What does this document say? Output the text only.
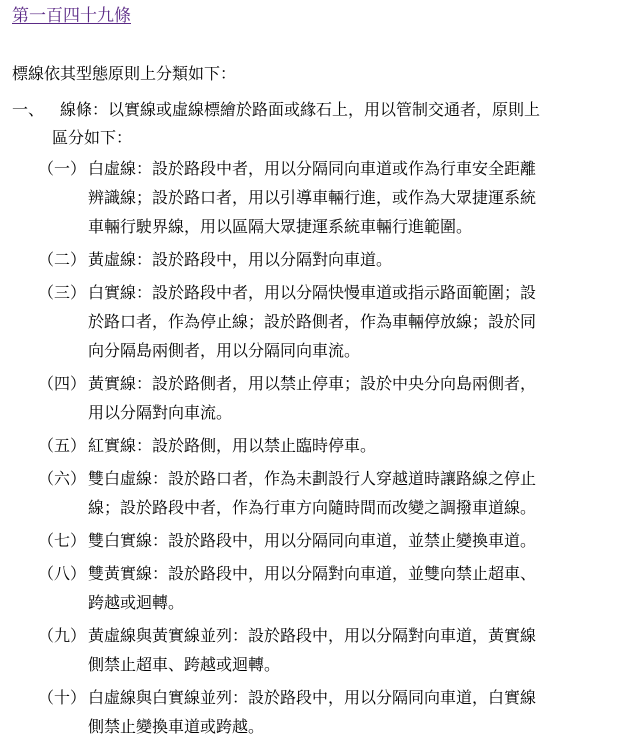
第一百四十九條
標線依其型態原則上分類如下：
一、 線條：以實線或虛線標繪於路面或緣石上，用以管制交通者，原則上
區分如下：
（一） 白虛線：設於路段中者，用以分隔同向車道或作為行車安全距離
辨識線；設於路口者，用以引導車輛行進，或作為大眾捷運系統
車輛行駛界線，用以區隔大眾捷運系統車輛行進範圍。
（二） 黃虛線：設於路段中，用以分隔對向車道。
（三） 白實線：設於路段中者，用以分隔快慢車道或指示路面範圍；設
於路口者，作為停止線；設於路側者，作為車輛停放線；設於同
向分隔島兩側者，用以分隔同向車流。
（四） 黃實線：設於路側者，用以禁止停車；設於中央分向島兩側者，
用以分隔對向車流。
（五） 紅實線：設於路側，用以禁止臨時停車。
（六） 雙白虛線：設於路口者，作為未劃設行人穿越道時讓路線之停止
線；設於路段中者，作為行車方向隨時間而改變之調撥車道線。
（七） 雙白實線：設於路段中，用以分隔同向車道，並禁止變換車道。
（八） 雙黃實線：設於路段中，用以分隔對向車道，並雙向禁止超車、
跨越或迴轉。
（九） 黃虛線與黃實線並列：設於路段中，用以分隔對向車道，黃實線
側禁止超車、跨越或迴轉。
（十） 白虛線與白實線並列：設於路段中，用以分隔同向車道，白實線
側禁止變換車道或跨越。
